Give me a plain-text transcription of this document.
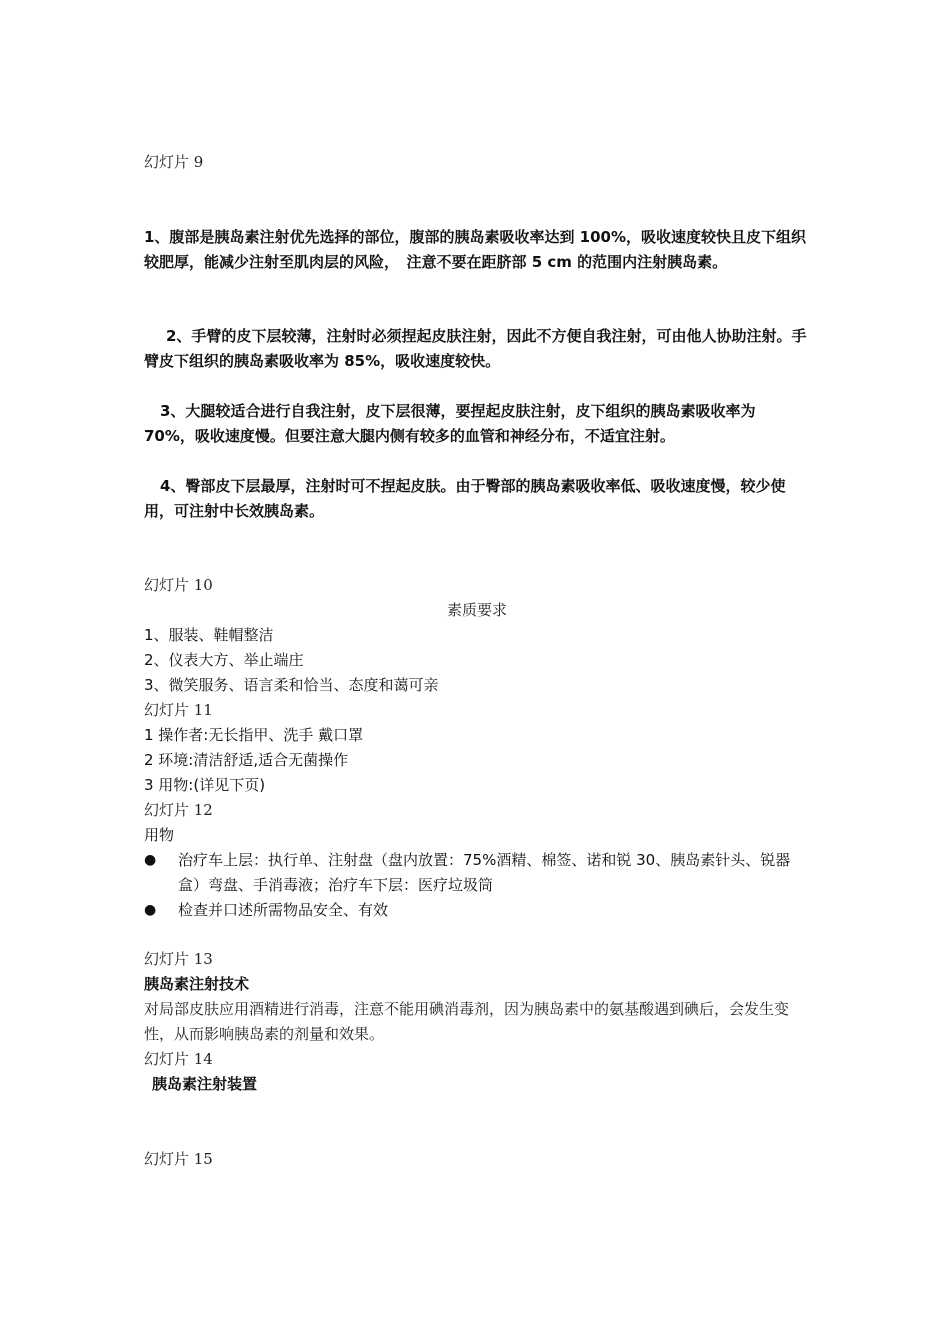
幻灯片 9
1、腹部是胰岛素注射优先选择的部位，腹部的胰岛素吸收率达到 100%，吸收速度较快且皮下组织较肥厚，能减少注射至肌肉层的风险，　注意不要在距脐部 5 cm 的范围内注射胰岛素。
2、手臂的皮下层较薄，注射时必须捏起皮肤注射，因此不方便自我注射，可由他人协助注射。手臂皮下组织的胰岛素吸收率为 85%，吸收速度较快。
3、大腿较适合进行自我注射，皮下层很薄，要捏起皮肤注射，皮下组织的胰岛素吸收率为 70%，吸收速度慢。但要注意大腿内侧有较多的血管和神经分布，不适宜注射。
4、臀部皮下层最厚，注射时可不捏起皮肤。由于臀部的胰岛素吸收率低、吸收速度慢，较少使用，可注射中长效胰岛素。
幻灯片 10
素质要求
1、服装、鞋帽整洁
2、仪表大方、举止端庄
3、微笑服务、语言柔和恰当、态度和蔼可亲
幻灯片 11
1 操作者:无长指甲、洗手 戴口罩
2 环境:清洁舒适,适合无菌操作
3 用物:(详见下页)
幻灯片 12
用物
● 治疗车上层：执行单、注射盘（盘内放置：75%酒精、棉签、诺和锐 30、胰岛素针头、锐器盒）弯盘、手消毒液；治疗车下层：医疗垃圾筒
● 检查并口述所需物品安全、有效
幻灯片 13
胰岛素注射技术
对局部皮肤应用酒精进行消毒，注意不能用碘消毒剂，因为胰岛素中的氨基酸遇到碘后，会发生变性，从而影响胰岛素的剂量和效果。
幻灯片 14
胰岛素注射装置
幻灯片 15
